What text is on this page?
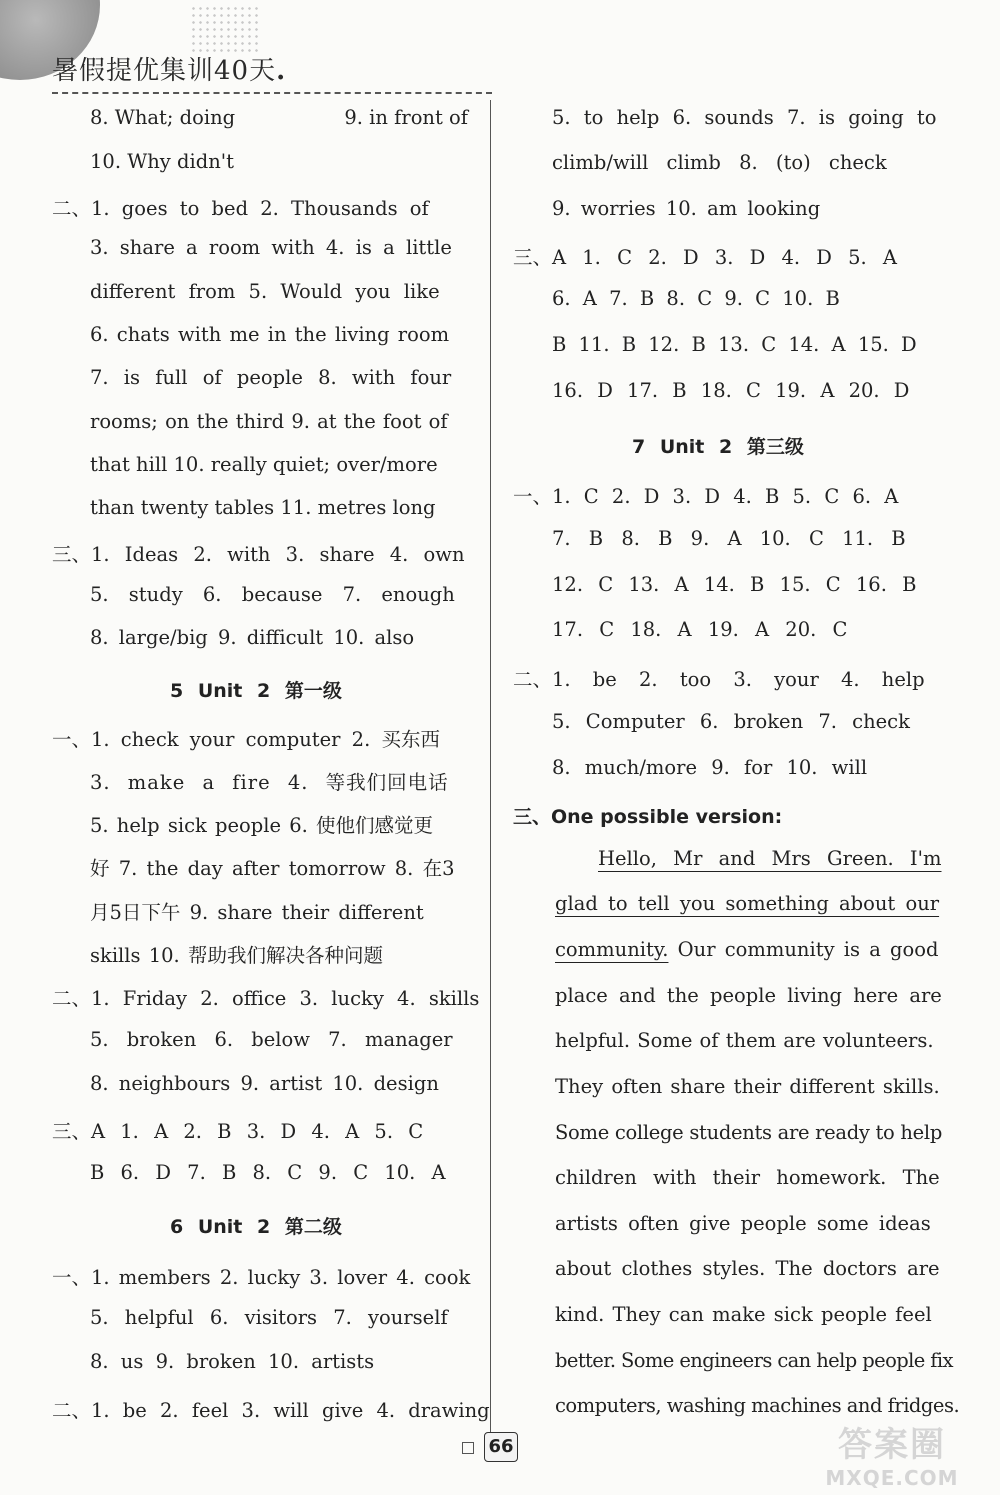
暑假提优集训40天.
8. What; doing	9. in front of
10. Why didn't
二、1. goes to bed 2. Thousands of
3. share a room with 4. is a little
different from 5. Would you like
6. chats with me in the living room
7. is full of people 8. with four
rooms; on the third 9. at the foot of
that hill 10. really quiet; over/more
than twenty tables 11. metres long
三、1. Ideas 2. with 3. share 4. own
5. study 6. because 7. enough
8. large/big 9. difficult 10. also
5 Unit 2 第一级
一、1. check your computer 2. 买东西
3. make a fire 4. 等我们回电话
5. help sick people 6. 使他们感觉更
好 7. the day after tomorrow 8. 在3
月5日下午 9. share their different
skills 10. 帮助我们解决各种问题
二、1. Friday 2. office 3. lucky 4. skills
5. broken 6. below 7. manager
8. neighbours 9. artist 10. design
三、A 1. A 2. B 3. D 4. A 5. C
B 6. D 7. B 8. C 9. C 10. A
6 Unit 2 第二级
一、1. members 2. lucky 3. lover 4. cook
5. helpful 6. visitors 7. yourself
8. us 9. broken 10. artists
二、1. be 2. feel 3. will give 4. drawing
5. to help 6. sounds 7. is going to
climb/will climb 8. (to) check
9. worries 10. am looking
三、A 1. C 2. D 3. D 4. D 5. A
6. A 7. B 8. C 9. C 10. B
B 11. B 12. B 13. C 14. A 15. D
16. D 17. B 18. C 19. A 20. D
7 Unit 2 第三级
一、1. C 2. D 3. D 4. B 5. C 6. A
7. B 8. B 9. A 10. C 11. B
12. C 13. A 14. B 15. C 16. B
17. C 18. A 19. A 20. C
二、1. be 2. too 3. your 4. help
5. Computer 6. broken 7. check
8. much/more 9. for 10. will
三、One possible version:
Hello, Mr and Mrs Green. I'm
glad to tell you something about our
community. Our community is a good
place and the people living here are
helpful. Some of them are volunteers.
They often share their different skills.
Some college students are ready to help
children with their homework. The
artists often give people some ideas
about clothes styles. The doctors are
kind. They can make sick people feel
better. Some engineers can help people fix
computers, washing machines and fridges.
66	答案圈
MXQE.COM
